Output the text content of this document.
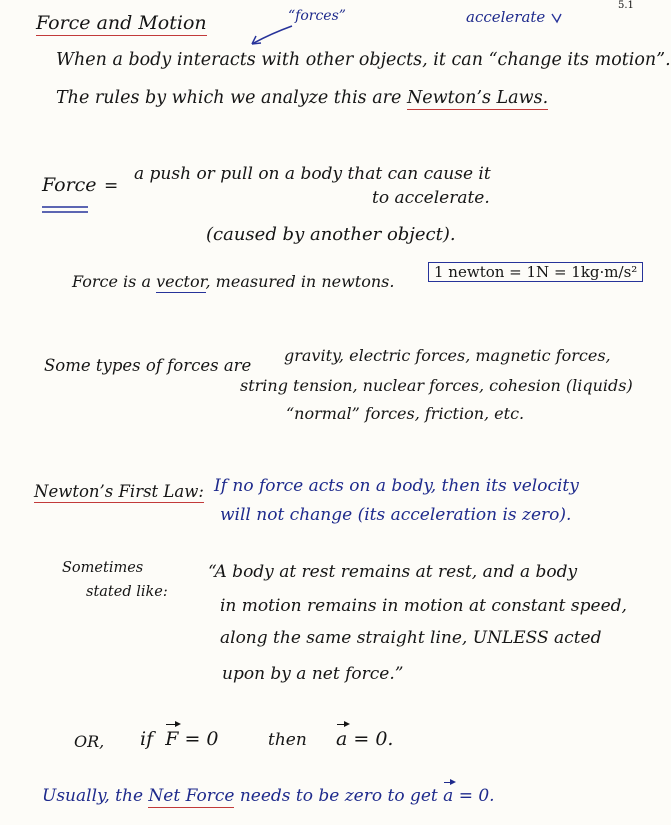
5.1
Force and Motion	“forces”	accelerate
When a body interacts with other objects, it can “change its motion”.
The rules by which we analyze this are Newton’s Laws.
Force =
a push or pull on a body that can cause it
to accelerate.
(caused by another object).
Force is a vector, measured in newtons.	1 newton = 1N = 1kg·m/s²
Some types of forces are
gravity, electric forces, magnetic forces,
string tension, nuclear forces, cohesion (liquids)
“normal” forces, friction, etc.
Newton’s First Law: If no force acts on a body, then its velocity
will not change (its acceleration is zero).
Sometimes
stated like:
“A body at rest remains at rest, and a body
in motion remains in motion at constant speed,
along the same straight line, UNLESS acted
upon by a net force.”
OR, if F = 0	then a = 0.
Usually, the Net Force needs to be zero to get a = 0.
